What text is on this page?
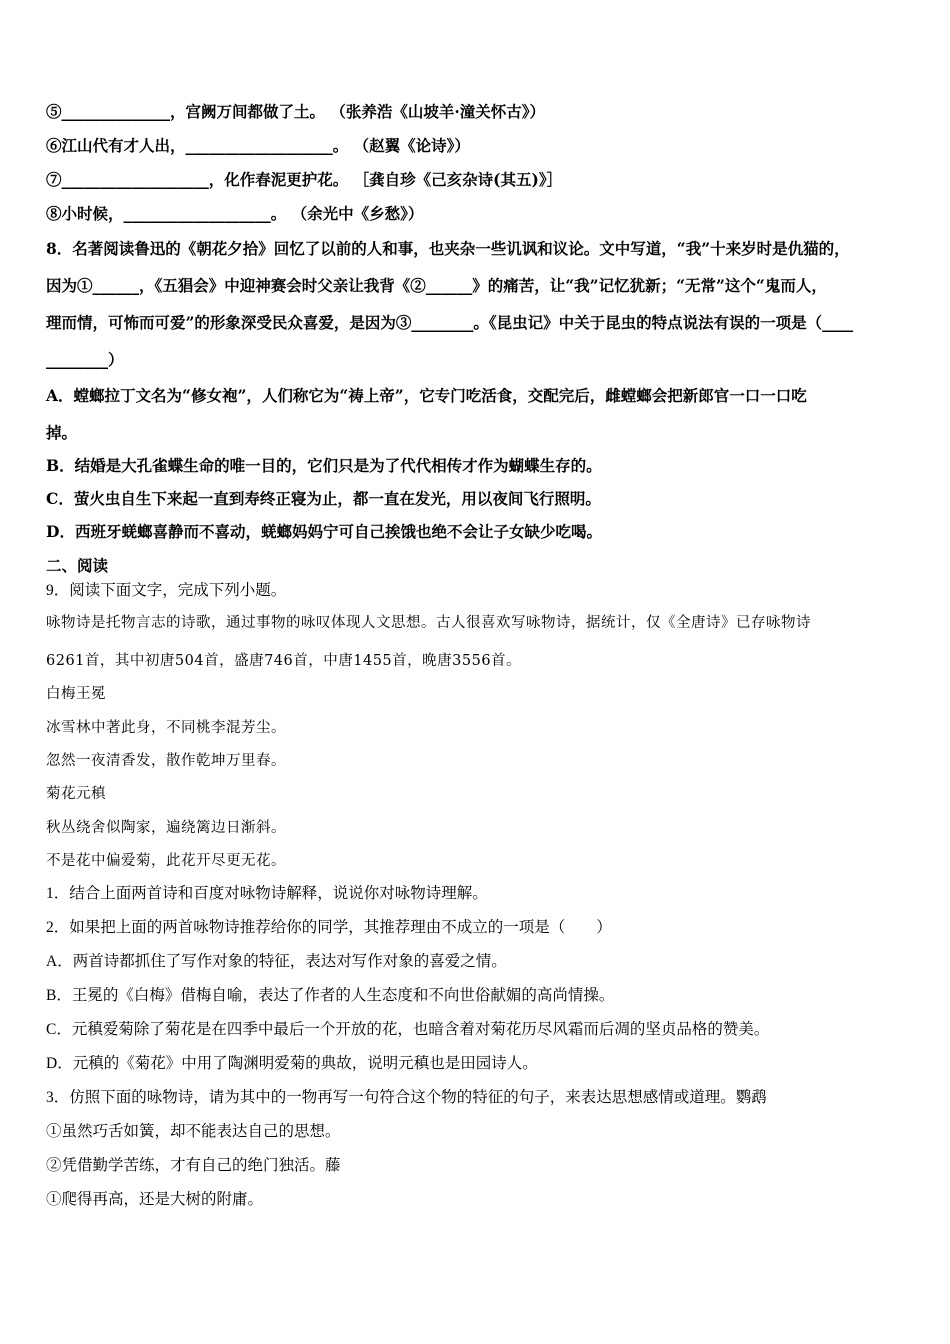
⑤______________，宫阙万间都做了土。 （张养浩《山坡羊·潼关怀古》）
⑥江山代有才人出，___________________。 （赵翼《论诗》）
⑦___________________，化作春泥更护花。 ［龚自珍《己亥杂诗(其五)》］
⑧小时候，___________________。 （余光中《乡愁》）
8．名著阅读鲁迅的《朝花夕拾》回忆了以前的人和事，也夹杂一些讥讽和议论。文中写道，“我”十来岁时是仇猫的，
因为①______，《五猖会》中迎神赛会时父亲让我背《②______》的痛苦，让“我”记忆犹新；“无常”这个“鬼而人，
理而情，可怖而可爱”的形象深受民众喜爱，是因为③________。《昆虫记》中关于昆虫的特点说法有误的一项是（____
________）
A．螳螂拉丁文名为“修女袍”，人们称它为“祷上帝”，它专门吃活食，交配完后，雌螳螂会把新郎官一口一口吃
掉。
B．结婚是大孔雀蝶生命的唯一目的，它们只是为了代代相传才作为蝴蝶生存的。
C．萤火虫自生下来起一直到寿终正寝为止，都一直在发光，用以夜间飞行照明。
D．西班牙蜣螂喜静而不喜动，蜣螂妈妈宁可自己挨饿也绝不会让子女缺少吃喝。
二、阅读
9．阅读下面文字，完成下列小题。
咏物诗是托物言志的诗歌，通过事物的咏叹体现人文思想。古人很喜欢写咏物诗，据统计，仅《全唐诗》已存咏物诗
6261首，其中初唐504首，盛唐746首，中唐1455首，晚唐3556首。
白梅王冕
冰雪林中著此身，不同桃李混芳尘。
忽然一夜清香发，散作乾坤万里春。
菊花元稹
秋丛绕舍似陶家，遍绕篱边日渐斜。
不是花中偏爱菊，此花开尽更无花。
1．结合上面两首诗和百度对咏物诗解释，说说你对咏物诗理解。
2．如果把上面的两首咏物诗推荐给你的同学，其推荐理由不成立的一项是（　　）
A．两首诗都抓住了写作对象的特征，表达对写作对象的喜爱之情。
B．王冕的《白梅》借梅自喻，表达了作者的人生态度和不向世俗献媚的高尚情操。
C．元稹爱菊除了菊花是在四季中最后一个开放的花，也暗含着对菊花历尽风霜而后凋的坚贞品格的赞美。
D．元稹的《菊花》中用了陶渊明爱菊的典故，说明元稹也是田园诗人。
3．仿照下面的咏物诗，请为其中的一物再写一句符合这个物的特征的句子，来表达思想感情或道理。鹦鹉
①虽然巧舌如簧，却不能表达自己的思想。
②凭借勤学苦练，才有自己的绝门独活。藤
①爬得再高，还是大树的附庸。
